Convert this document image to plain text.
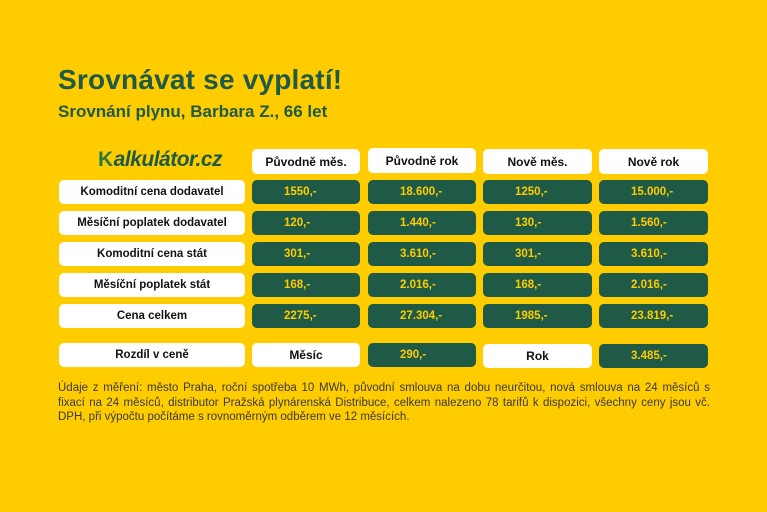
Srovnávat se vyplatí!
Srovnání plynu, Barbara Z., 66 let
Kalkulátor.cz	Původně měs.	Původně rok	Nově měs.	Nově rok
Komoditní cena dodavatel	1550,-	18.600,-	1250,-	15.000,-
Měsíční poplatek dodavatel	120,-	1.440,-	130,-	1.560,-
Komoditní cena stát	301,-	3.610,-	301,-	3.610,-
Měsíční poplatek stát	168,-	2.016,-	168,-	2.016,-
Cena celkem	2275,-	27.304,-	1985,-	23.819,-
Rozdíl v ceně	Měsíc	290,-	Rok	3.485,-

Údaje z měření: město Praha, roční spotřeba 10 MWh, původní smlouva na dobu neurčitou, nová smlouva na 24 měsíců s fixací na 24 měsíců, distributor Pražská plynárenská Distribuce, celkem nalezeno 78 tarifů k dispozici, všechny ceny jsou vč. DPH, při výpočtu počítáme s rovnoměrným odběrem ve 12 měsících.
